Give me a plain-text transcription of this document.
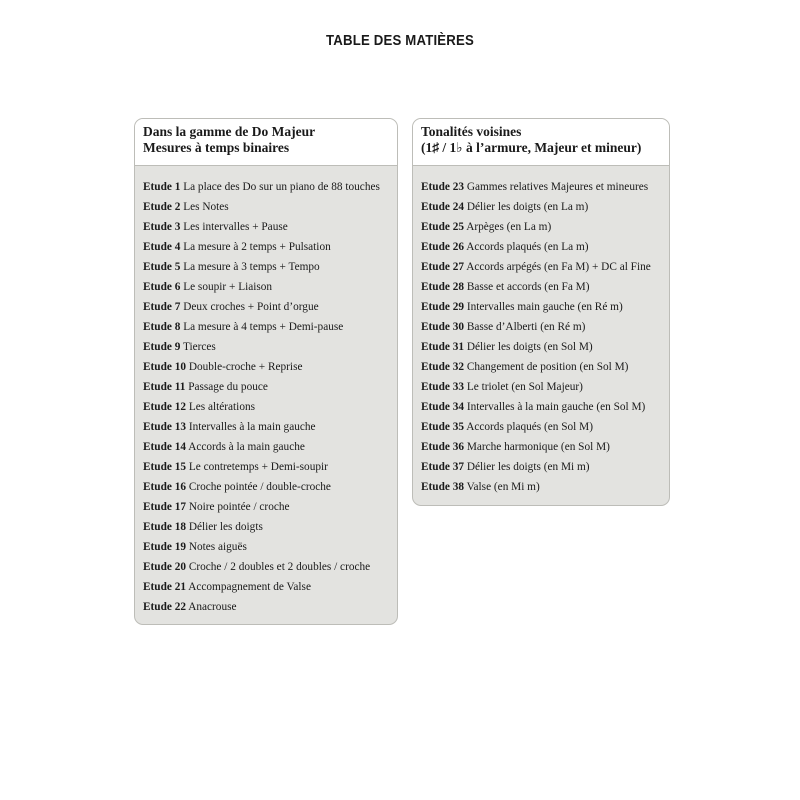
TABLE DES MATIÈRES
Dans la gamme de Do Majeur
Mesures à temps binaires
Etude 1 La place des Do sur un piano de 88 touches
Etude 2 Les Notes
Etude 3 Les intervalles + Pause
Etude 4 La mesure à 2 temps + Pulsation
Etude 5 La mesure à 3 temps + Tempo
Etude 6 Le soupir + Liaison
Etude 7 Deux croches + Point d’orgue
Etude 8 La mesure à 4 temps + Demi-pause
Etude 9 Tierces
Etude 10 Double-croche + Reprise
Etude 11 Passage du pouce
Etude 12 Les altérations
Etude 13 Intervalles à la main gauche
Etude 14 Accords à la main gauche
Etude 15 Le contretemps + Demi-soupir
Etude 16 Croche pointée / double-croche
Etude 17 Noire pointée / croche
Etude 18 Délier les doigts
Etude 19 Notes aiguës
Etude 20 Croche / 2 doubles et 2 doubles / croche
Etude 21 Accompagnement de Valse
Etude 22 Anacrouse
Tonalités voisines
(1♯ / 1♭ à l’armure, Majeur et mineur)
Etude 23 Gammes relatives Majeures et mineures
Etude 24 Délier les doigts (en La m)
Etude 25 Arpèges (en La m)
Etude 26 Accords plaqués (en La m)
Etude 27 Accords arpégés (en Fa M) + DC al Fine
Etude 28 Basse et accords (en Fa M)
Etude 29 Intervalles main gauche (en Ré m)
Etude 30 Basse d’Alberti (en Ré m)
Etude 31 Délier les doigts (en Sol M)
Etude 32 Changement de position (en Sol M)
Etude 33 Le triolet (en Sol Majeur)
Etude 34 Intervalles à la main gauche (en Sol M)
Etude 35 Accords plaqués (en Sol M)
Etude 36 Marche harmonique (en Sol M)
Etude 37 Délier les doigts (en Mi m)
Etude 38 Valse (en Mi m)
